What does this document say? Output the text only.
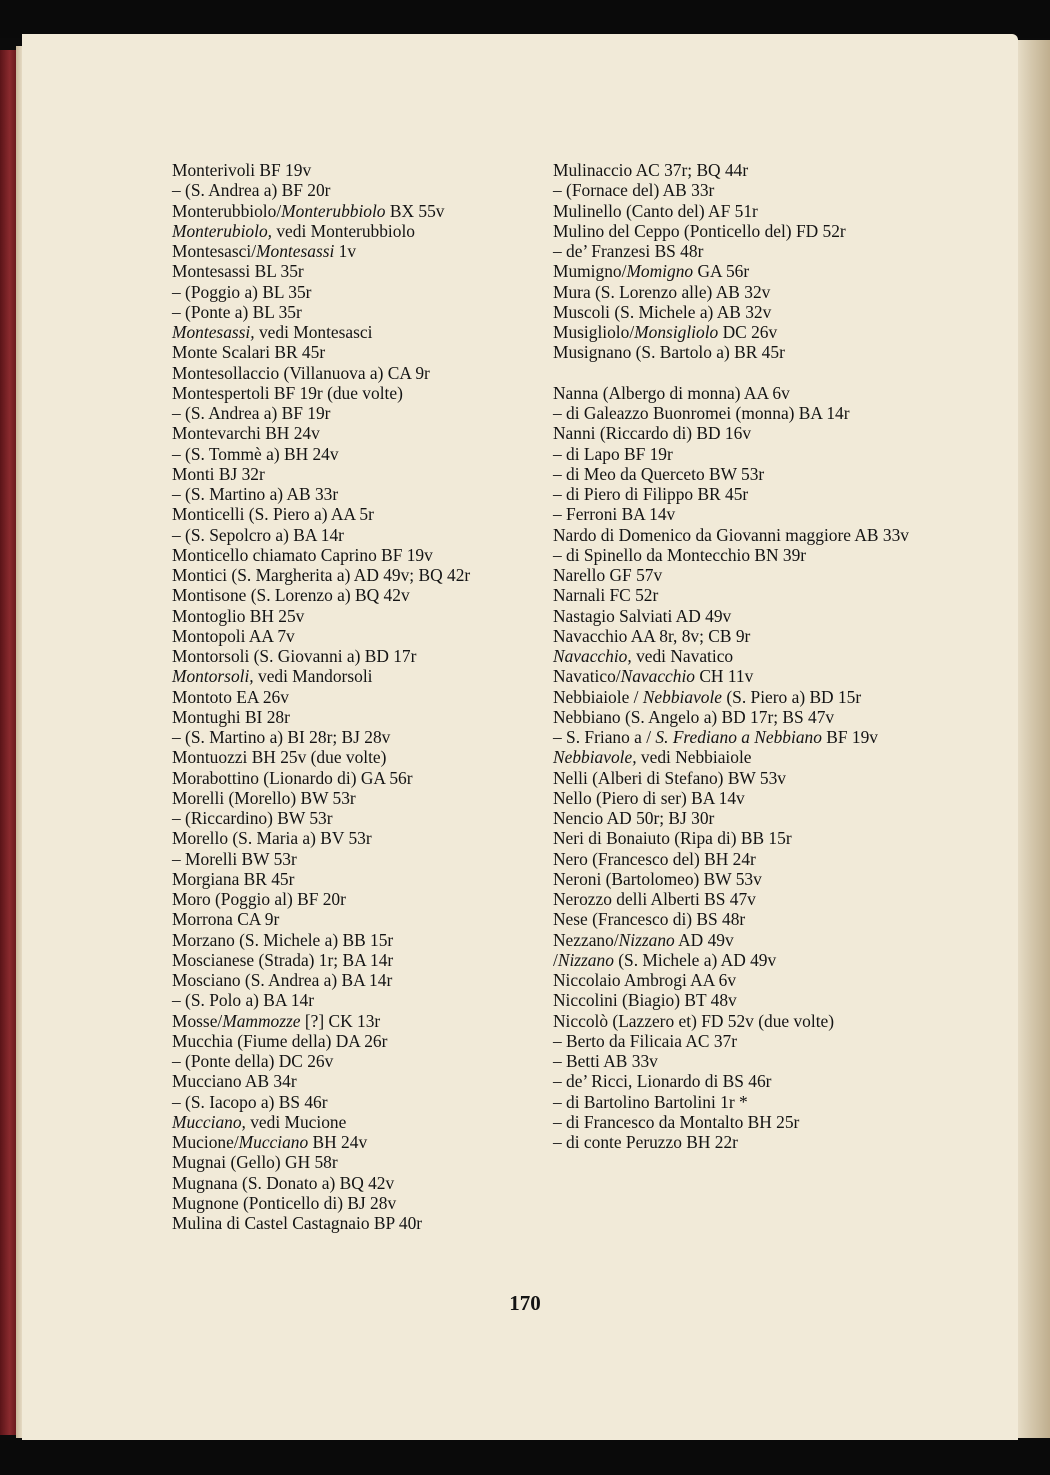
Monterivoli BF 19v
– (S. Andrea a) BF 20r
Monterubbiolo/Monterubbiolo BX 55v
Monterubiolo, vedi Monterubbiolo
Montesasci/Montesassi 1v
Montesassi BL 35r
– (Poggio a) BL 35r
– (Ponte a) BL 35r
Montesassi, vedi Montesasci
Monte Scalari BR 45r
Montesollaccio (Villanuova a) CA 9r
Montespertoli BF 19r (due volte)
– (S. Andrea a) BF 19r
Montevarchi BH 24v
– (S. Tommè a) BH 24v
Monti BJ 32r
– (S. Martino a) AB 33r
Monticelli (S. Piero a) AA 5r
– (S. Sepolcro a) BA 14r
Monticello chiamato Caprino BF 19v
Montici (S. Margherita a) AD 49v; BQ 42r
Montisone (S. Lorenzo a) BQ 42v
Montoglio BH 25v
Montopoli AA 7v
Montorsoli (S. Giovanni a) BD 17r
Montorsoli, vedi Mandorsoli
Montoto EA 26v
Montughi BI 28r
– (S. Martino a) BI 28r; BJ 28v
Montuozzi BH 25v (due volte)
Morabottino (Lionardo di) GA 56r
Morelli (Morello) BW 53r
– (Riccardino) BW 53r
Morello (S. Maria a) BV 53r
– Morelli BW 53r
Morgiana BR 45r
Moro (Poggio al) BF 20r
Morrona CA 9r
Morzano (S. Michele a) BB 15r
Moscianese (Strada) 1r; BA 14r
Mosciano (S. Andrea a) BA 14r
– (S. Polo a) BA 14r
Mosse/Mammozze [?] CK 13r
Mucchia (Fiume della) DA 26r
– (Ponte della) DC 26v
Mucciano AB 34r
– (S. Iacopo a) BS 46r
Mucciano, vedi Mucione
Mucione/Mucciano BH 24v
Mugnai (Gello) GH 58r
Mugnana (S. Donato a) BQ 42v
Mugnone (Ponticello di) BJ 28v
Mulina di Castel Castagnaio BP 40r
Mulinaccio AC 37r; BQ 44r
– (Fornace del) AB 33r
Mulinello (Canto del) AF 51r
Mulino del Ceppo (Ponticello del) FD 52r
– de’ Franzesi BS 48r
Mumigno/Momigno GA 56r
Mura (S. Lorenzo alle) AB 32v
Muscoli (S. Michele a) AB 32v
Musigliolo/Monsigliolo DC 26v
Musignano (S. Bartolo a) BR 45r
Nanna (Albergo di monna) AA 6v
– di Galeazzo Buonromei (monna) BA 14r
Nanni (Riccardo di) BD 16v
– di Lapo BF 19r
– di Meo da Querceto BW 53r
– di Piero di Filippo BR 45r
– Ferroni BA 14v
Nardo di Domenico da Giovanni maggiore AB 33v
– di Spinello da Montecchio BN 39r
Narello GF 57v
Narnali FC 52r
Nastagio Salviati AD 49v
Navacchio AA 8r, 8v; CB 9r
Navacchio, vedi Navatico
Navatico/Navacchio CH 11v
Nebbiaiole / Nebbiavole (S. Piero a) BD 15r
Nebbiano (S. Angelo a) BD 17r; BS 47v
– S. Friano a / S. Frediano a Nebbiano BF 19v
Nebbiavole, vedi Nebbiaiole
Nelli (Alberi di Stefano) BW 53v
Nello (Piero di ser) BA 14v
Nencio AD 50r; BJ 30r
Neri di Bonaiuto (Ripa di) BB 15r
Nero (Francesco del) BH 24r
Neroni (Bartolomeo) BW 53v
Nerozzo delli Alberti BS 47v
Nese (Francesco di) BS 48r
Nezzano/Nizzano AD 49v
/Nizzano (S. Michele a) AD 49v
Niccolaio Ambrogi AA 6v
Niccolini (Biagio) BT 48v
Niccolò (Lazzero et) FD 52v (due volte)
– Berto da Filicaia AC 37r
– Betti AB 33v
– de’ Ricci, Lionardo di BS 46r
– di Bartolino Bartolini 1r *
– di Francesco da Montalto BH 25r
– di conte Peruzzo BH 22r
170
